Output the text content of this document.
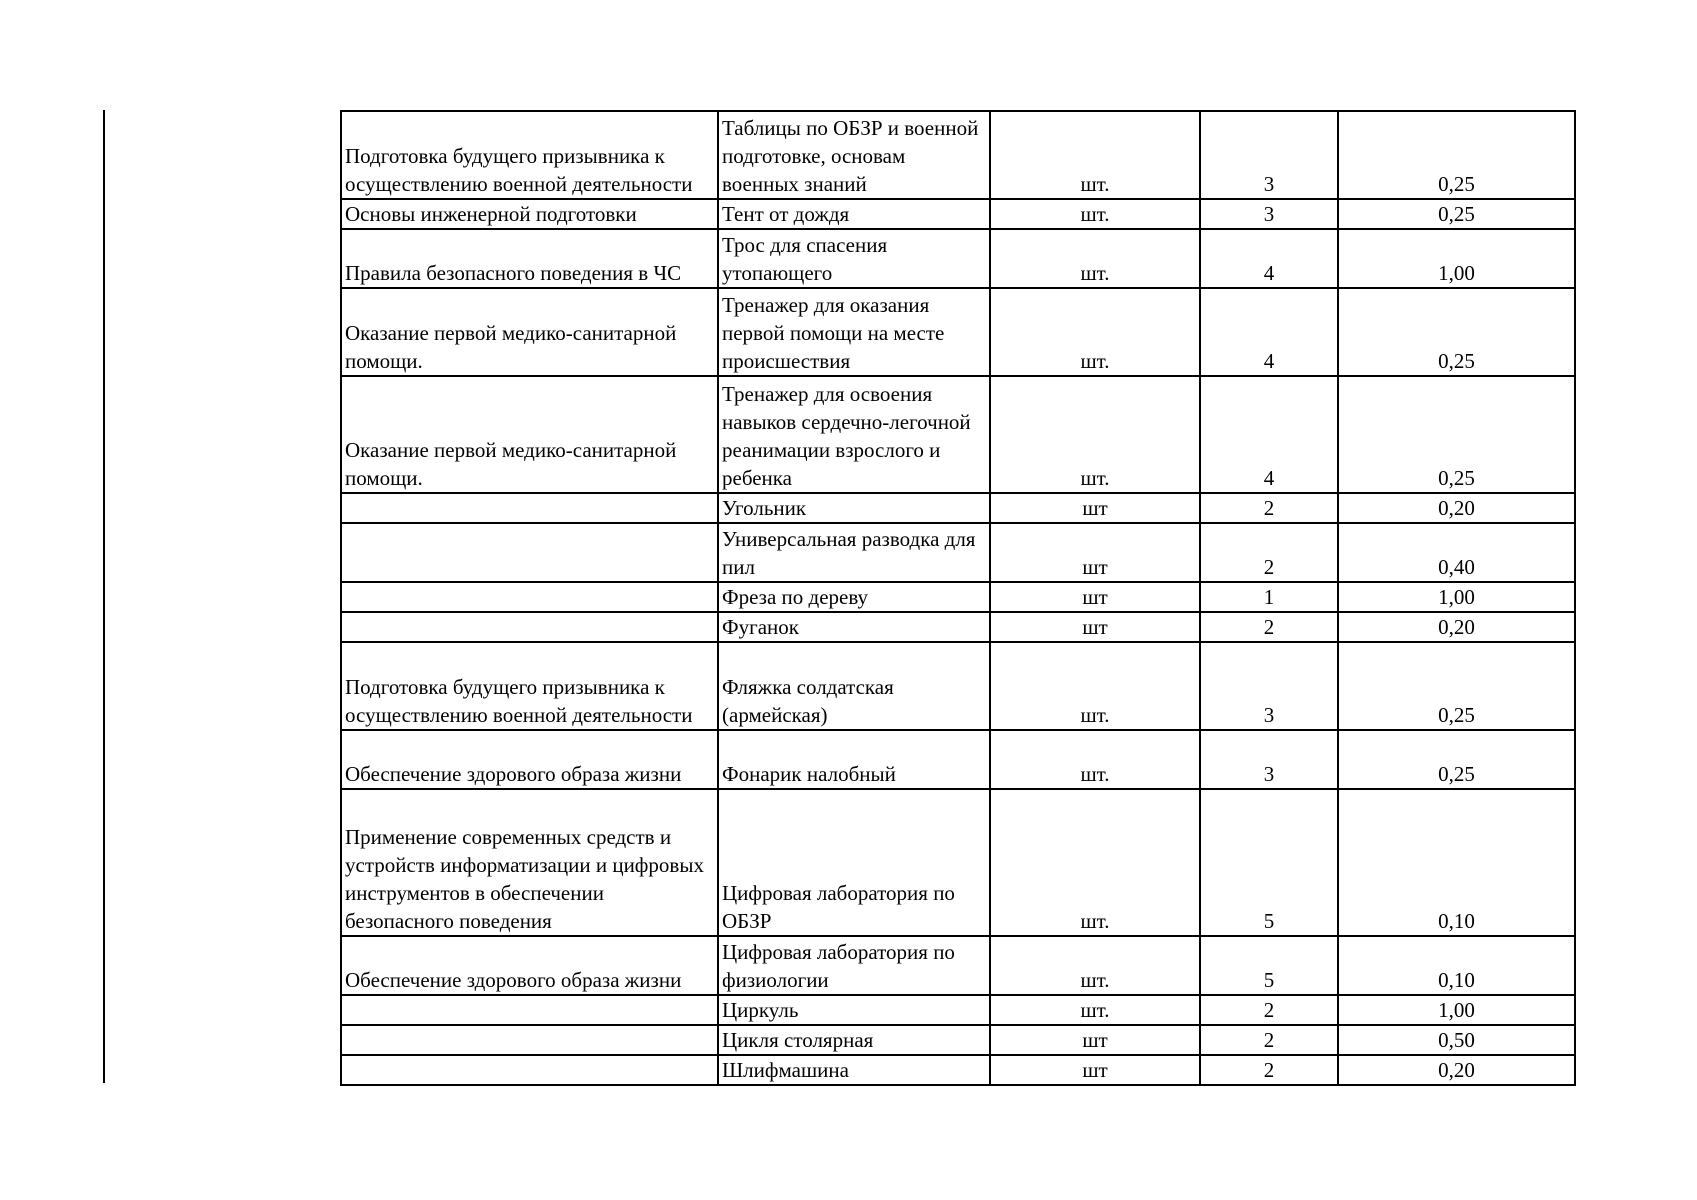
Подготовка будущего призывника к осуществлению военной деятельности	Таблицы по ОБЗР и военной подготовке, основам военных знаний	шт.	3	0,25
Основы инженерной подготовки	Тент от дождя	шт.	3	0,25
Правила безопасного поведения в ЧС	Трос для спасения утопающего	шт.	4	1,00
Оказание первой медико-санитарной помощи.	Тренажер для оказания первой помощи на месте происшествия	шт.	4	0,25
Оказание первой медико-санитарной помощи.	Тренажер для освоения навыков сердечно-легочной реанимации взрослого и ребенка	шт.	4	0,25
	Угольник	шт	2	0,20
	Универсальная разводка для пил	шт	2	0,40
	Фреза по дереву	шт	1	1,00
	Фуганок	шт	2	0,20
Подготовка будущего призывника к осуществлению военной деятельности	Фляжка солдатская (армейская)	шт.	3	0,25
Обеспечение здорового образа жизни	Фонарик налобный	шт.	3	0,25
Применение современных средств и устройств информатизации и цифровых инструментов в обеспечении безопасного поведения	Цифровая лаборатория по ОБЗР	шт.	5	0,10
Обеспечение здорового образа жизни	Цифровая лаборатория по физиологии	шт.	5	0,10
	Циркуль	шт.	2	1,00
	Цикля столярная	шт	2	0,50
	Шлифмашина	шт	2	0,20
